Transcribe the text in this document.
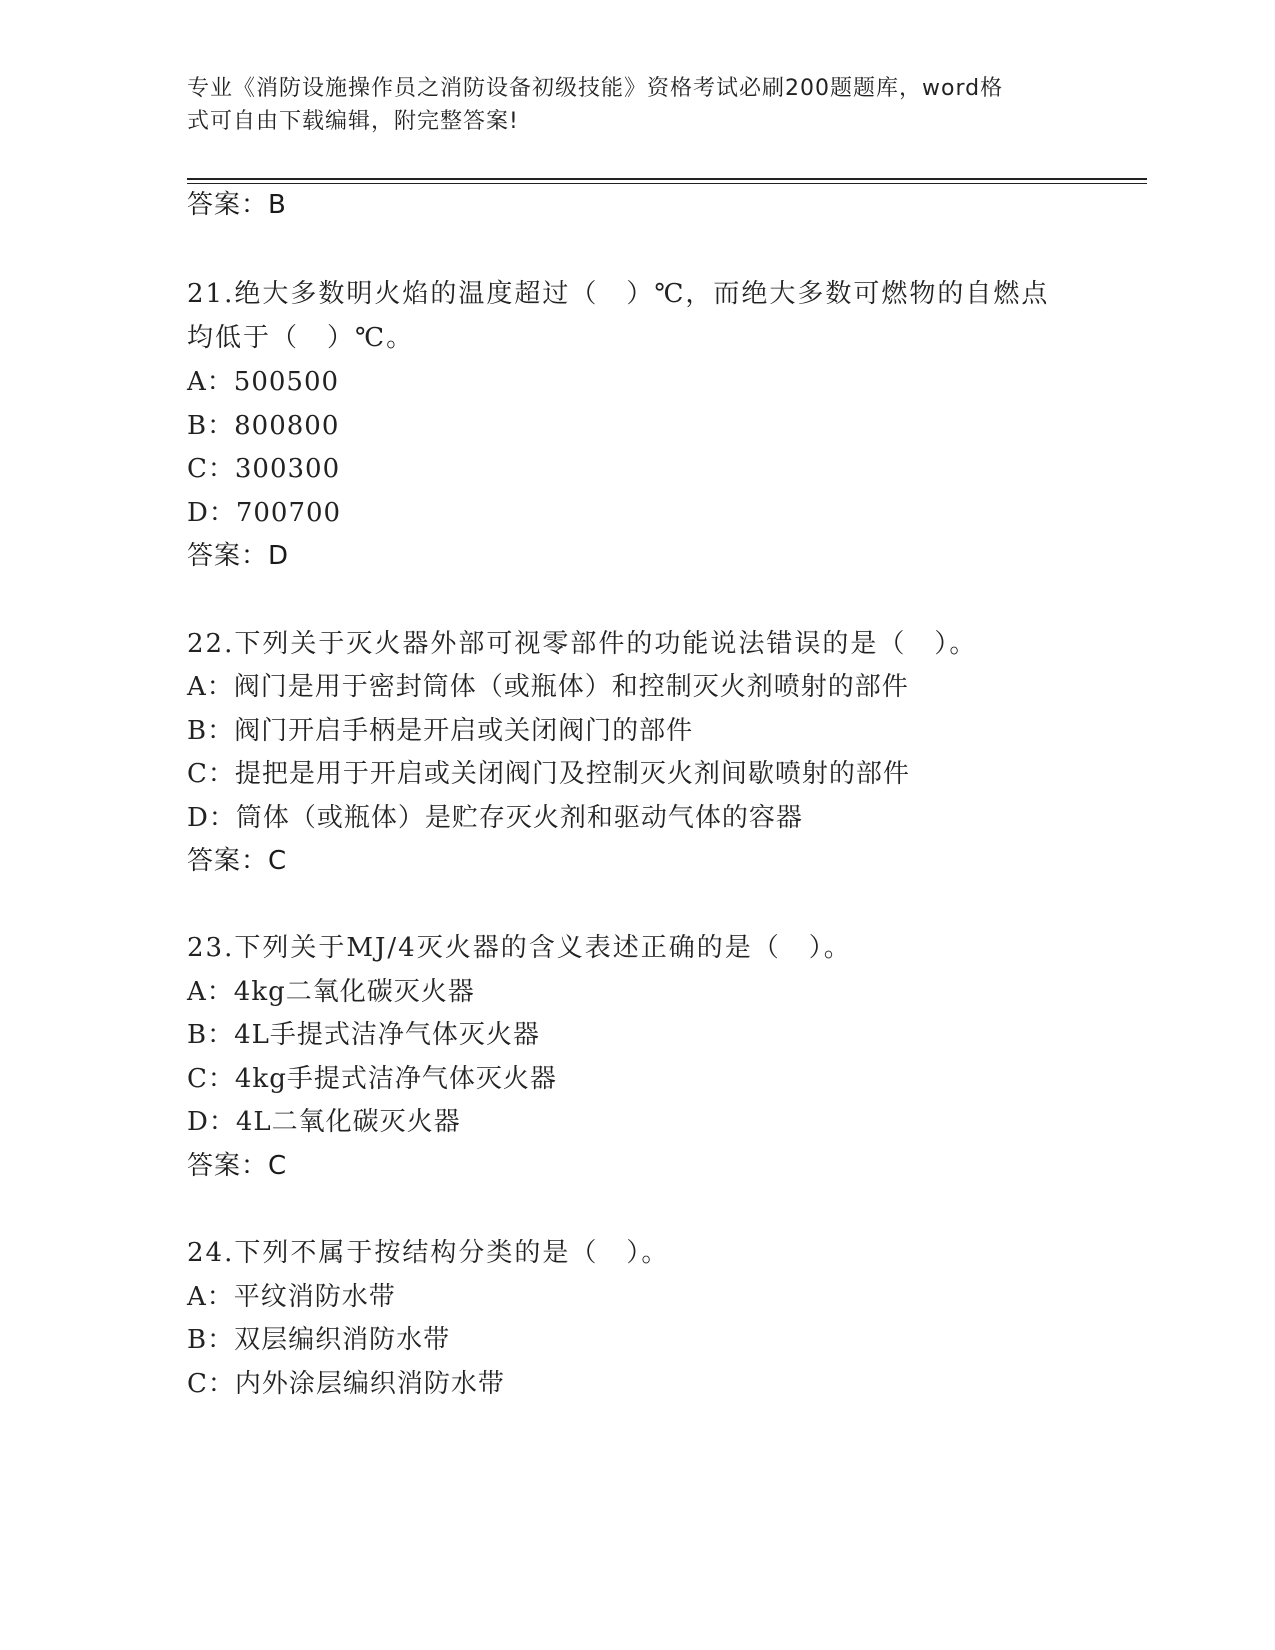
专业《消防设施操作员之消防设备初级技能》资格考试必刷200题题库，word格
式可自由下载编辑，附完整答案!
答案：B
21.绝大多数明火焰的温度超过（　）℃，而绝大多数可燃物的自燃点
均低于（　）℃。
A：500500
B：800800
C：300300
D：700700
答案：D
22.下列关于灭火器外部可视零部件的功能说法错误的是（　）。
A：阀门是用于密封筒体（或瓶体）和控制灭火剂喷射的部件
B：阀门开启手柄是开启或关闭阀门的部件
C：提把是用于开启或关闭阀门及控制灭火剂间歇喷射的部件
D：筒体（或瓶体）是贮存灭火剂和驱动气体的容器
答案：C
23.下列关于MJ/4灭火器的含义表述正确的是（　）。
A：4kg二氧化碳灭火器
B：4L手提式洁净气体灭火器
C：4kg手提式洁净气体灭火器
D：4L二氧化碳灭火器
答案：C
24.下列不属于按结构分类的是（　）。
A：平纹消防水带
B：双层编织消防水带
C：内外涂层编织消防水带
